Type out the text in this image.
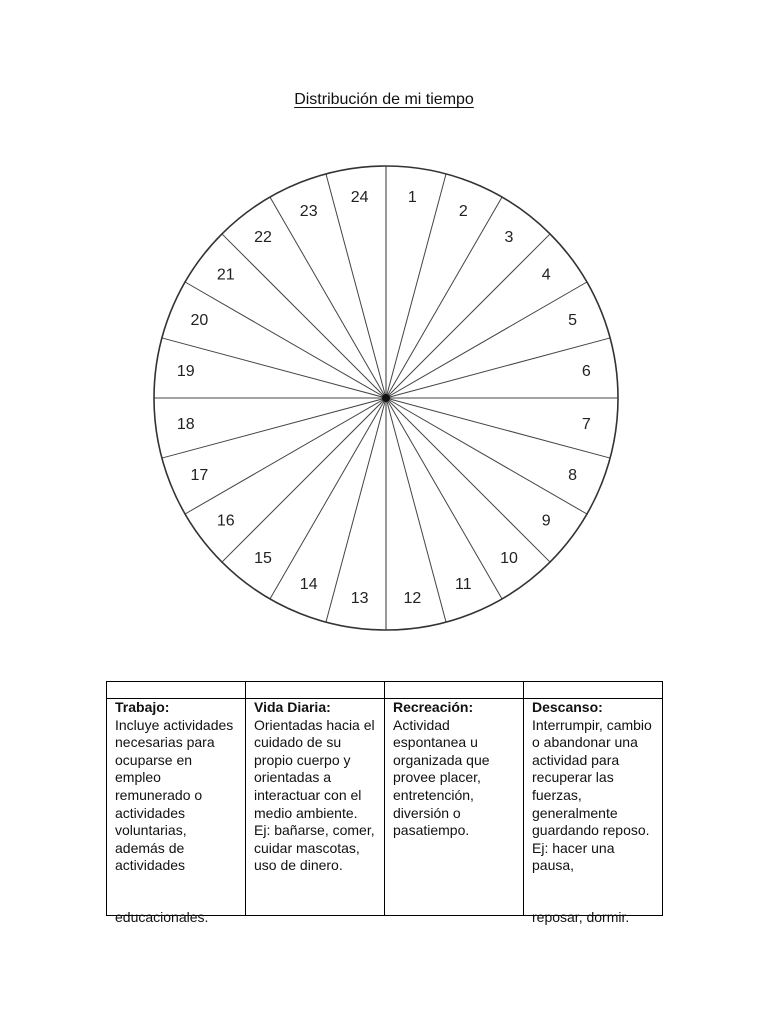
Distribución de mi tiempo
1
2
3
4
5
6
7
8
9
10
11
12
13
14
15
16
17
18
19
20
21
22
23
24

Trabajo:
Incluye actividades necesarias para ocuparse en empleo remunerado o actividades voluntarias, además de actividades
educacionales.	Vida Diaria:
Orientadas hacia el cuidado de su propio cuerpo y orientadas a interactuar con el medio ambiente. Ej: bañarse, comer, cuidar mascotas, uso de dinero.	Recreación:
Actividad espontanea u organizada que provee placer, entretención, diversión o pasatiempo.	Descanso:
Interrumpir, cambio o abandonar una actividad para recuperar las fuerzas, generalmente guardando reposo. Ej: hacer una pausa,
reposar, dormir.
